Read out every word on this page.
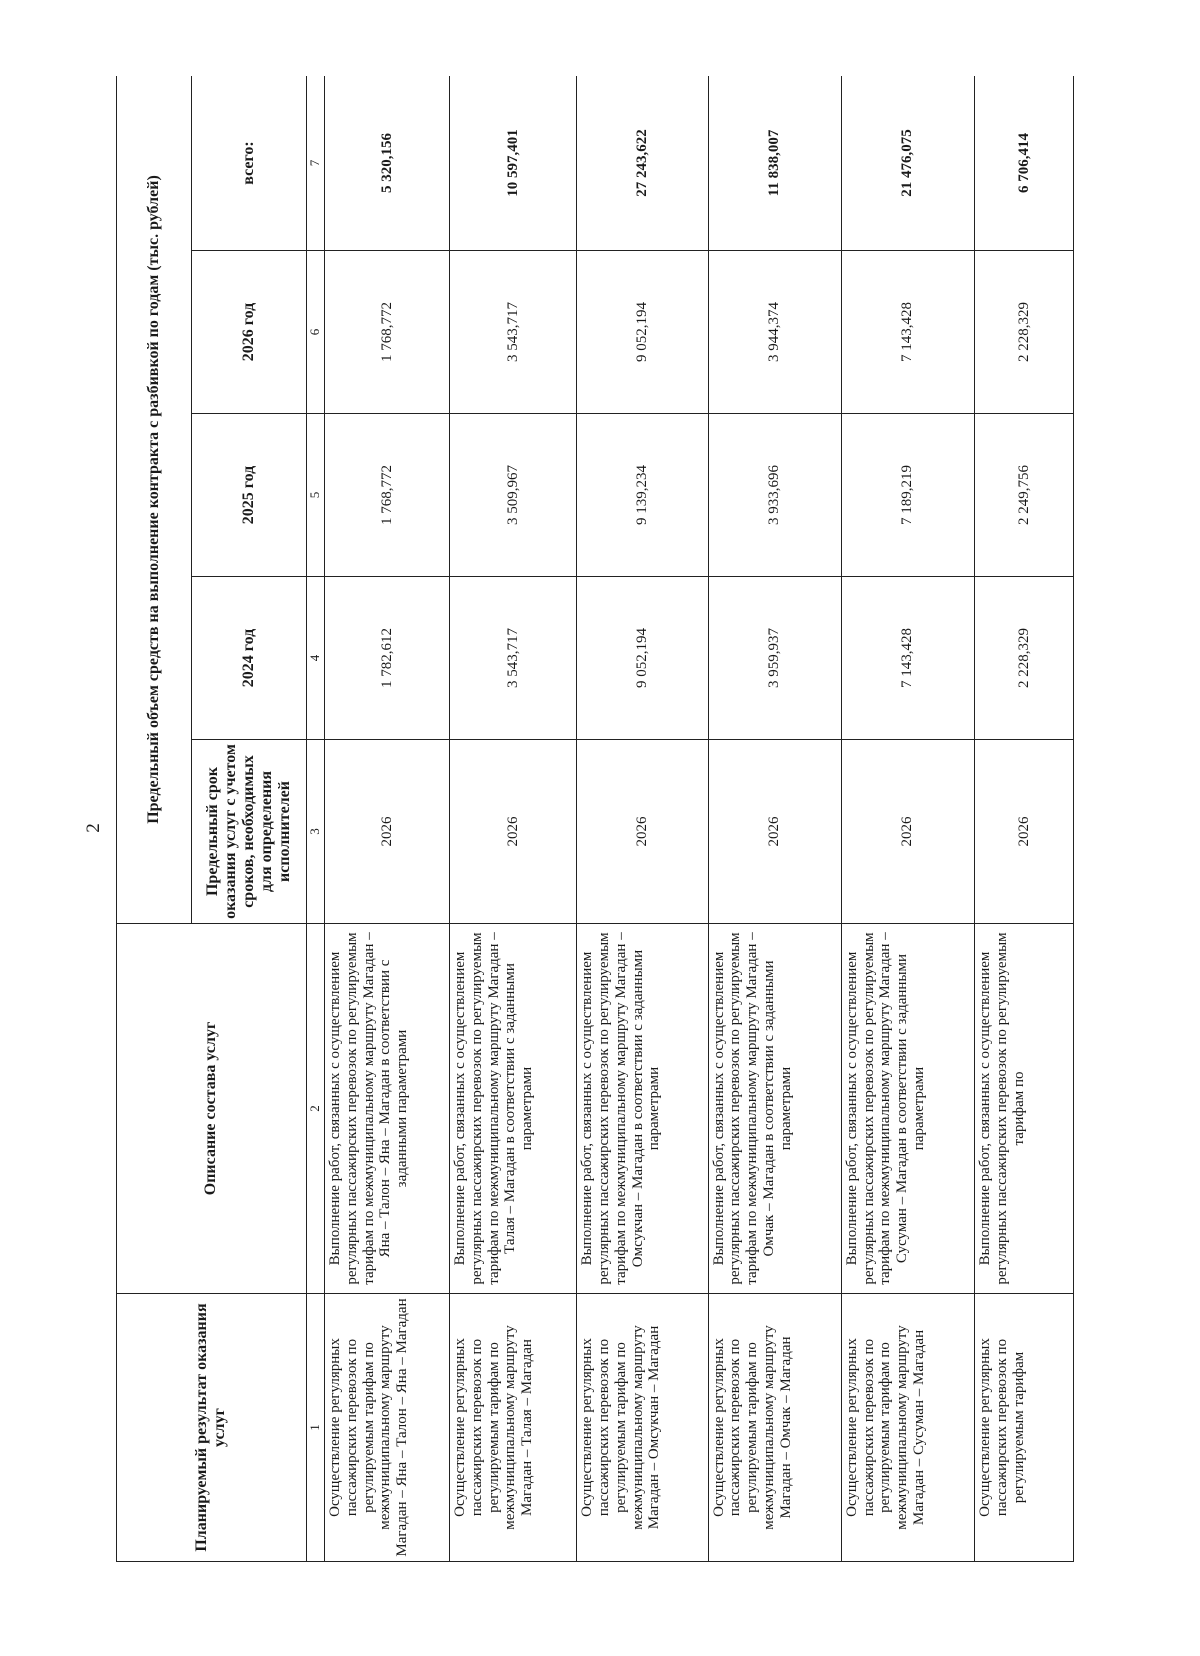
2
Планируемый результат оказания услуг	Описание состава услуг	Предельный объем средств на выполнение контракта с разбивкой по годам (тыс. рублей)				
		Предельный срок оказания услуг с учетом сроков, необходимых для определения исполнителей	2024 год	2025 год	2026 год	всего:
1	2	3	4	5	6	7
Осуществление регулярных пассажирских перевозок по регулируемым тарифам по межмуниципальному маршруту Магадан – Яна – Талон – Яна – Магадан	Выполнение работ, связанных с осуществлением регулярных пассажирских перевозок по регулируемым тарифам по межмуниципальному маршруту Магадан – Яна – Талон – Яна – Магадан в соответствии с заданными параметрами	2026	1 782,612	1 768,772	1 768,772	5 320,156
Осуществление регулярных пассажирских перевозок по регулируемым тарифам по межмуниципальному маршруту Магадан – Талая – Магадан	Выполнение работ, связанных с осуществлением регулярных пассажирских перевозок по регулируемым тарифам по межмуниципальному маршруту Магадан – Талая – Магадан в соответствии с заданными параметрами	2026	3 543,717	3 509,967	3 543,717	10 597,401
Осуществление регулярных пассажирских перевозок по регулируемым тарифам по межмуниципальному маршруту Магадан – Омсукчан – Магадан	Выполнение работ, связанных с осуществлением регулярных пассажирских перевозок по регулируемым тарифам по межмуниципальному маршруту Магадан – Омсукчан – Магадан в соответствии с заданными параметрами	2026	9 052,194	9 139,234	9 052,194	27 243,622
Осуществление регулярных пассажирских перевозок по регулируемым тарифам по межмуниципальному маршруту Магадан – Омчак – Магадан	Выполнение работ, связанных с осуществлением регулярных пассажирских перевозок по регулируемым тарифам по межмуниципальному маршруту Магадан – Омчак – Магадан в соответствии с заданными параметрами	2026	3 959,937	3 933,696	3 944,374	11 838,007
Осуществление регулярных пассажирских перевозок по регулируемым тарифам по межмуниципальному маршруту Магадан – Сусуман – Магадан	Выполнение работ, связанных с осуществлением регулярных пассажирских перевозок по регулируемым тарифам по межмуниципальному маршруту Магадан – Сусуман – Магадан в соответствии с заданными параметрами	2026	7 143,428	7 189,219	7 143,428	21 476,075
Осуществление регулярных пассажирских перевозок по регулируемым тарифам	Выполнение работ, связанных с осуществлением регулярных пассажирских перевозок по регулируемым тарифам по	2026	2 228,329	2 249,756	2 228,329	6 706,414
